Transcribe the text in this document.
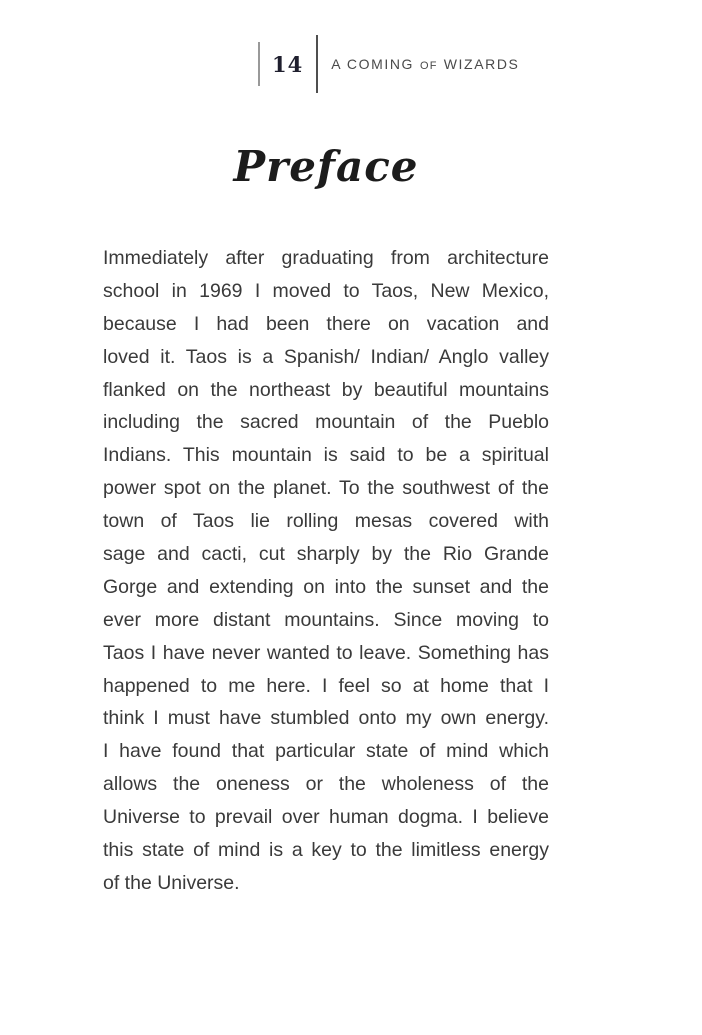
14	A COMING OF WIZARDS
Preface
Immediately after graduating from architecture
school in 1969 I moved to Taos, New Mexico,
because I had been there on vacation and
loved it. Taos is a Spanish/ Indian/ Anglo valley
flanked on the northeast by beautiful mountains
including the sacred mountain of the Pueblo
Indians. This mountain is said to be a spiritual
power spot on the planet. To the southwest of the
town of Taos lie rolling mesas covered with
sage and cacti, cut sharply by the Rio Grande
Gorge and extending on into the sunset and the
ever more distant mountains. Since moving to
Taos I have never wanted to leave. Something has
happened to me here. I feel so at home that I
think I must have stumbled onto my own energy.
I have found that particular state of mind which
allows the oneness or the wholeness of the
Universe to prevail over human dogma. I believe
this state of mind is a key to the limitless energy
of the Universe.
